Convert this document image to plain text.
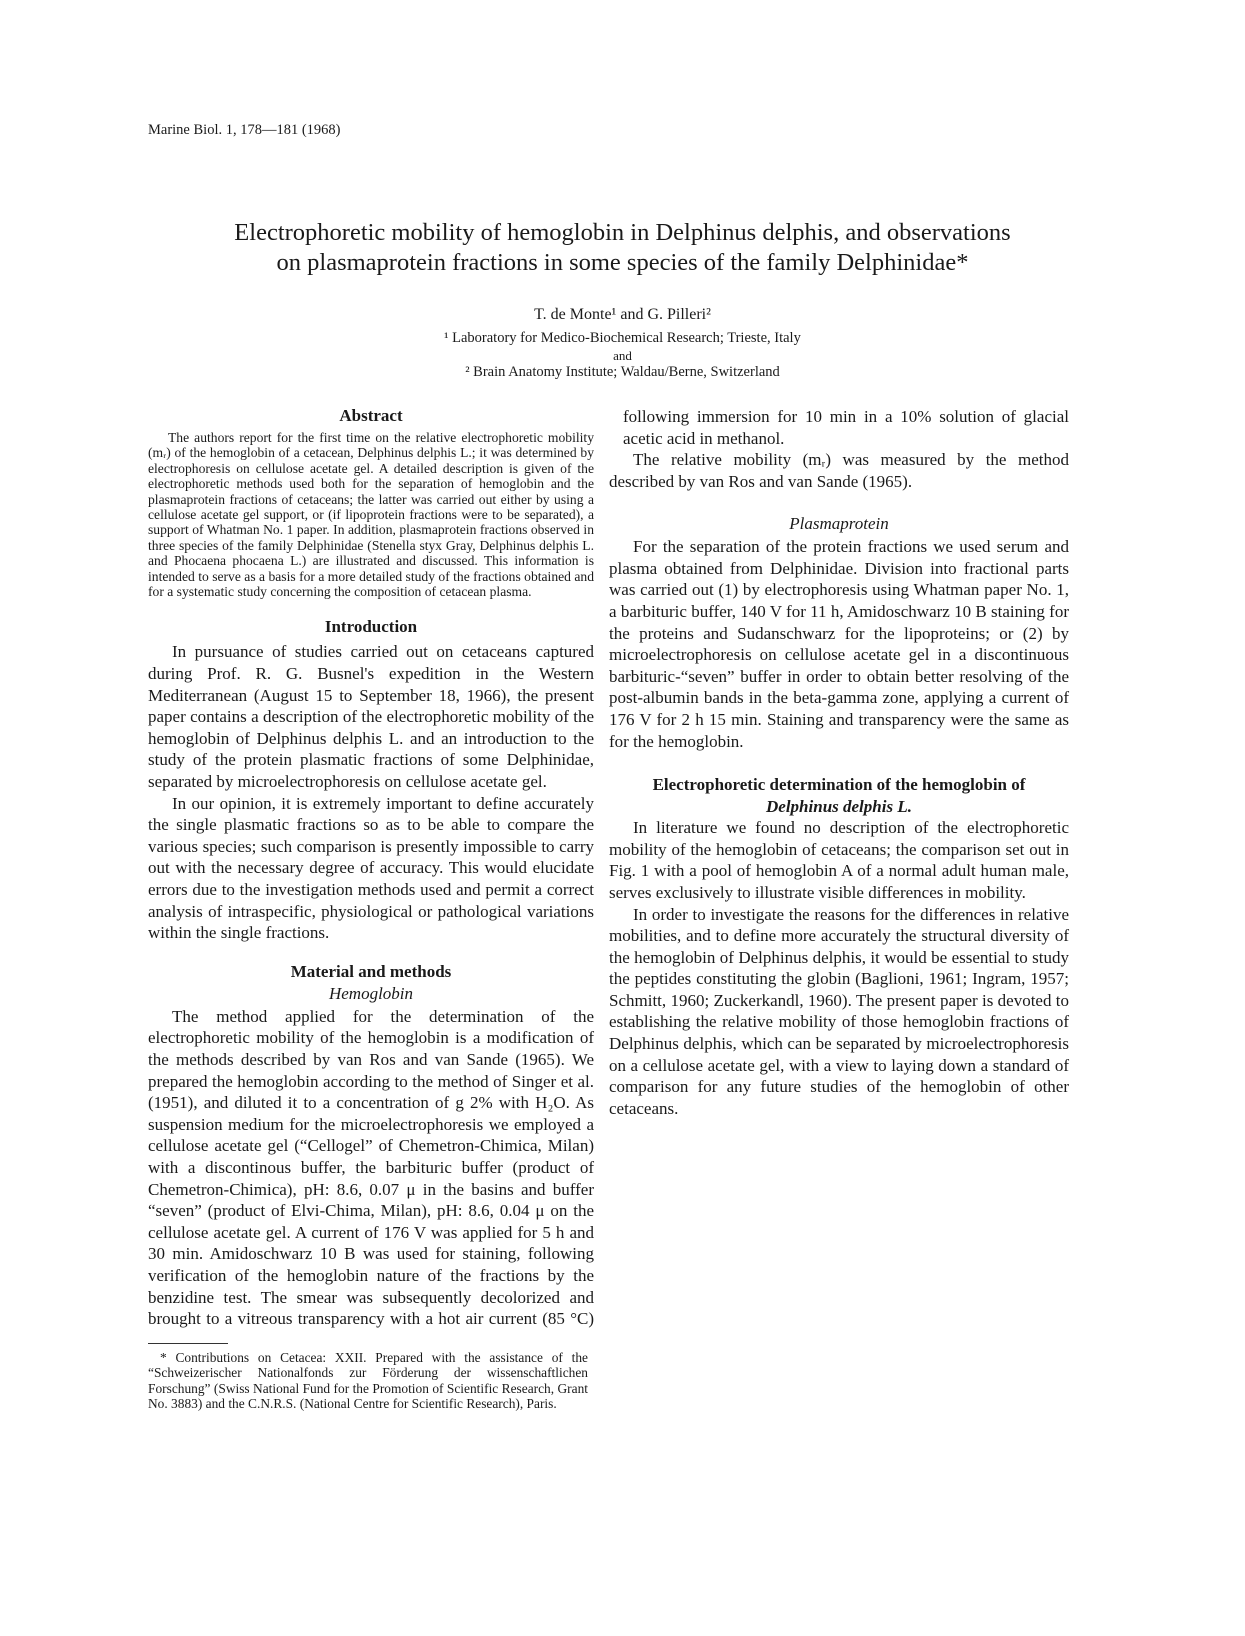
Marine Biol. 1, 178—181 (1968)
Electrophoretic mobility of hemoglobin in Delphinus delphis, and observations
on plasmaprotein fractions in some species of the family Delphinidae*
T. de Monte¹ and G. Pilleri²
¹ Laboratory for Medico-Biochemical Research; Trieste, Italy
and
² Brain Anatomy Institute; Waldau/Berne, Switzerland
Abstract

The authors report for the first time on the relative electrophoretic mobility (mᵣ) of the hemoglobin of a cetacean, Delphinus delphis L.; it was determined by electrophoresis on cellulose acetate gel. A detailed description is given of the electrophoretic methods used both for the separation of hemoglobin and the plasmaprotein fractions of cetaceans; the latter was carried out either by using a cellulose acetate gel support, or (if lipoprotein fractions were to be separated), a support of Whatman No. 1 paper. In addition, plasmaprotein fractions observed in three species of the family Delphinidae (Stenella styx Gray, Delphinus delphis L. and Phocaena phocaena L.) are illustrated and discussed. This information is intended to serve as a basis for a more detailed study of the fractions obtained and for a systematic study concerning the composition of cetacean plasma.

Introduction

In pursuance of studies carried out on cetaceans captured during Prof. R. G. Busnel's expedition in the Western Mediterranean (August 15 to September 18, 1966), the present paper contains a description of the electrophoretic mobility of the hemoglobin of Delphinus delphis L. and an introduction to the study of the protein plasmatic fractions of some Delphinidae, separated by microelectrophoresis on cellulose acetate gel.

In our opinion, it is extremely important to define accurately the single plasmatic fractions so as to be able to compare the various species; such comparison is presently impossible to carry out with the necessary degree of accuracy. This would elucidate errors due to the investigation methods used and permit a correct analysis of intraspecific, physiological or pathological variations within the single fractions.

Material and methods
Hemoglobin

The method applied for the determination of the electrophoretic mobility of the hemoglobin is a modification of the methods described by van Ros and van Sande (1965). We prepared the hemoglobin according to the method of Singer et al. (1951), and diluted it to a concentration of g 2% with H₂O. As suspension medium for the microelectrophoresis we employed a cellulose acetate gel (“Cellogel” of Chemetron-Chimica, Milan) with a discontinous buffer, the barbituric buffer (product of Chemetron-Chimica), pH: 8.6, 0.07 μ in the basins and buffer “seven” (product of Elvi-Chima, Milan), pH: 8.6, 0.04 μ on the cellulose acetate gel. A current of 176 V was applied for 5 h and 30 min. Amidoschwarz 10 B was used for staining, following verification of the hemoglobin nature of the fractions by the benzidine test. The smear was subsequently decolorized and brought to a vitreous transparency with a hot air current (85 °C) following immersion for 10 min in a 10% solution of glacial acetic acid in methanol.

* Contributions on Cetacea: XXII. Prepared with the assistance of the “Schweizerischer Nationalfonds zur Förderung der wissenschaftlichen Forschung” (Swiss National Fund for the Promotion of Scientific Research, Grant No. 3883) and the C.N.R.S. (National Centre for Scientific Research), Paris.

The relative mobility (mᵣ) was measured by the method described by van Ros and van Sande (1965).

Plasmaprotein

For the separation of the protein fractions we used serum and plasma obtained from Delphinidae. Division into fractional parts was carried out (1) by electrophoresis using Whatman paper No. 1, a barbituric buffer, 140 V for 11 h, Amidoschwarz 10 B staining for the proteins and Sudanschwarz for the lipoproteins; or (2) by microelectrophoresis on cellulose acetate gel in a discontinuous barbituric-“seven” buffer in order to obtain better resolving of the post-albumin bands in the beta-gamma zone, applying a current of 176 V for 2 h 15 min. Staining and transparency were the same as for the hemoglobin.

Electrophoretic determination of the hemoglobin of
Delphinus delphis L.

In literature we found no description of the electrophoretic mobility of the hemoglobin of cetaceans; the comparison set out in Fig. 1 with a pool of hemoglobin A of a normal adult human male, serves exclusively to illustrate visible differences in mobility.

In order to investigate the reasons for the differences in relative mobilities, and to define more accurately the structural diversity of the hemoglobin of Delphinus delphis, it would be essential to study the peptides constituting the globin (Baglioni, 1961; Ingram, 1957; Schmitt, 1960; Zuckerkandl, 1960). The present paper is devoted to establishing the relative mobility of those hemoglobin fractions of Delphinus delphis, which can be separated by microelectrophoresis on a cellulose acetate gel, with a view to laying down a standard of comparison for any future studies of the hemoglobin of other cetaceans.
